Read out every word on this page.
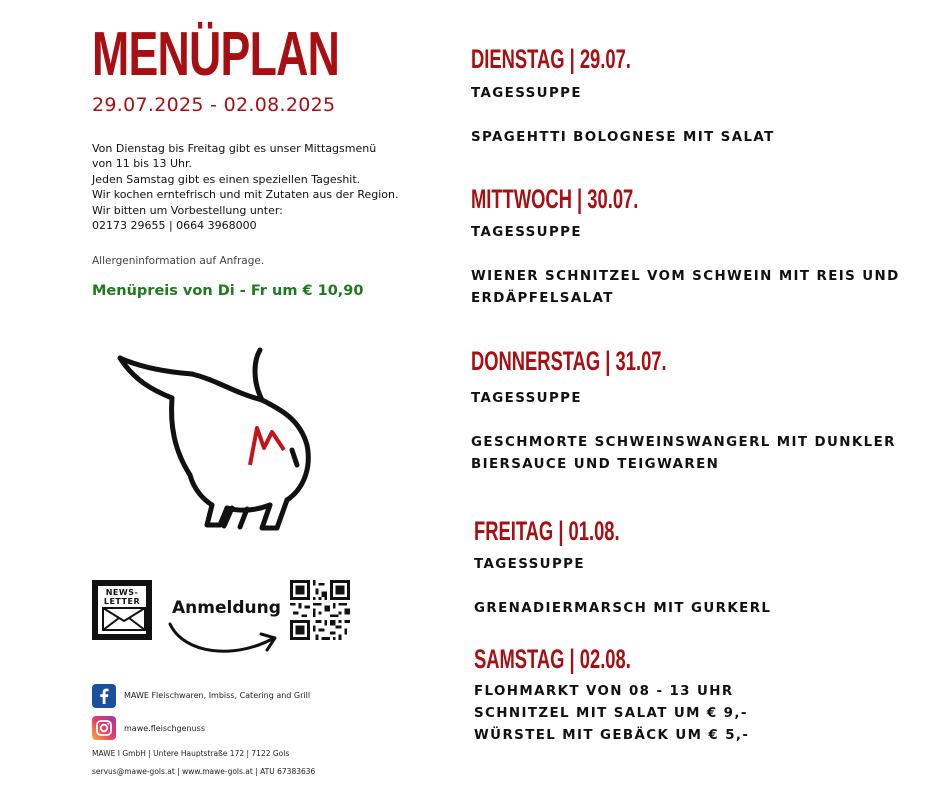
MENÜPLAN
29.07.2025 - 02.08.2025
Von Dienstag bis Freitag gibt es unser Mittagsmenü
von 11 bis 13 Uhr.
Jeden Samstag gibt es einen speziellen Tageshit.
Wir kochen erntefrisch und mit Zutaten aus der Region.
Wir bitten um Vorbestellung unter:
02173 29655 | 0664 3968000
Allergeninformation auf Anfrage.
Menüpreis von Di - Fr um € 10,90
NEWS-
LETTER	Anmeldung
MAWE Fleischwaren, Imbiss, Catering and Grill
mawe.fleischgenuss
MAWE I GmbH | Untere Hauptstraße 172 | 7122 Gols
servus@mawe-gols.at | www.mawe-gols.at | ATU 67383636
DIENSTAG | 29.07.
TAGESSUPPE
SPAGEHTTI BOLOGNESE MIT SALAT
MITTWOCH | 30.07.
TAGESSUPPE
WIENER SCHNITZEL VOM SCHWEIN MIT REIS UND
ERDÄPFELSALAT
DONNERSTAG | 31.07.
TAGESSUPPE
GESCHMORTE SCHWEINSWANGERL MIT DUNKLER
BIERSAUCE UND TEIGWAREN
FREITAG | 01.08.
TAGESSUPPE
GRENADIERMARSCH MIT GURKERL
SAMSTAG | 02.08.
FLOHMARKT VON 08 - 13 UHR
SCHNITZEL MIT SALAT UM € 9,-
WÜRSTEL MIT GEBÄCK UM € 5,-
